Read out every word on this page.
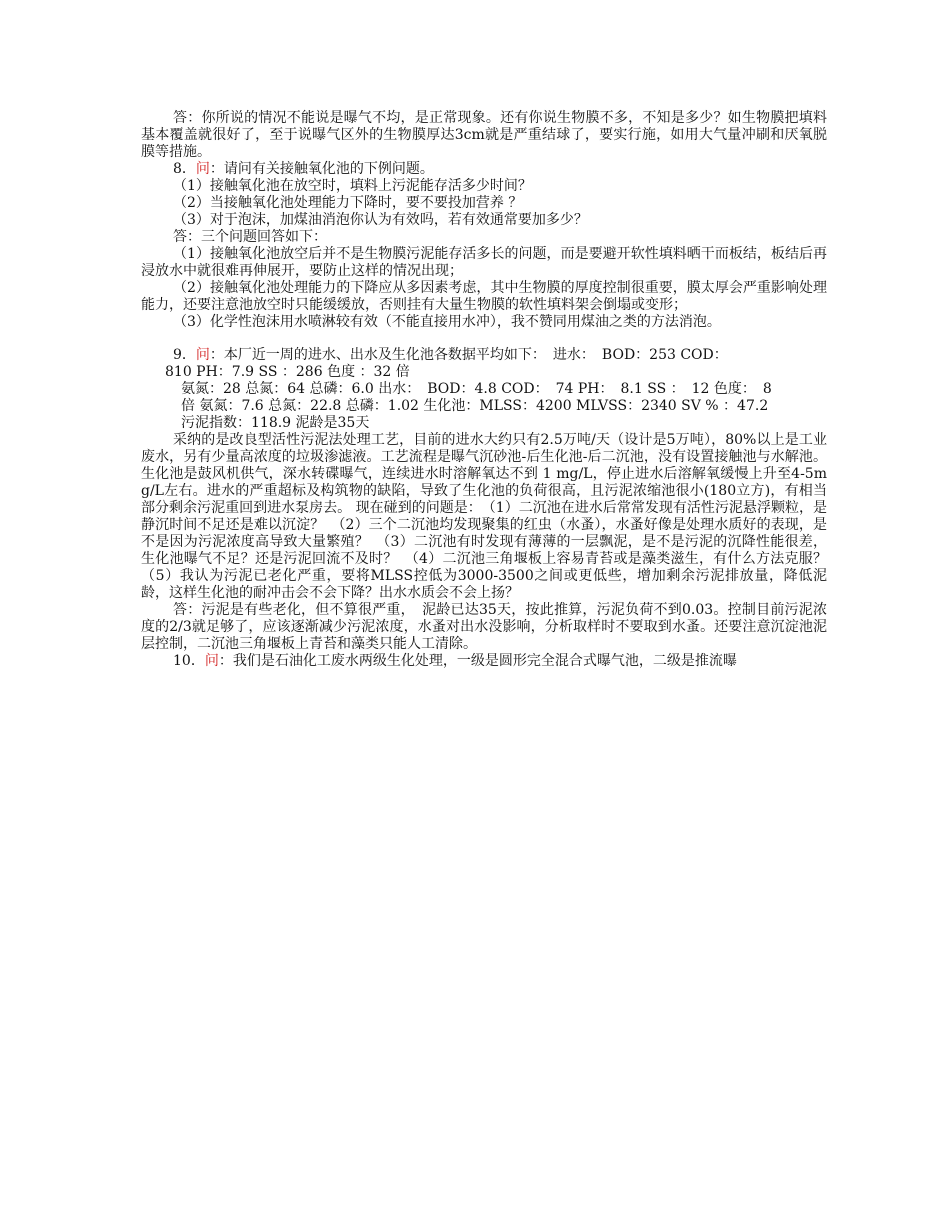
答：你所说的情况不能说是曝气不均，是正常现象。还有你说生物膜不多，不知是多少？如生物膜把填料基本覆盖就很好了，至于说曝气区外的生物膜厚达3cm就是严重结球了，要实行施，如用大气量冲刷和厌氧脱膜等措施。

8．问：请问有关接触氧化池的下例问题。

（1）接触氧化池在放空时，填料上污泥能存活多少时间？

（2）当接触氧化池处理能力下降时，要不要投加营养 ？

（3）对于泡沫，加煤油消泡你认为有效吗，若有效通常要加多少？

答：三个问题回答如下：

（1）接触氧化池放空后并不是生物膜污泥能存活多长的问题，而是要避开软性填料晒干而板结，板结后再浸放水中就很难再伸展开，要防止这样的情况出现；

（2）接触氧化池处理能力的下降应从多因素考虑，其中生物膜的厚度控制很重要，膜太厚会严重影响处理能力，还要注意池放空时只能缓缓放，否则挂有大量生物膜的软性填料架会倒塌或变形；

（3）化学性泡沫用水喷淋较有效（不能直接用水冲），我不赞同用煤油之类的方法消泡。

9．问：本厂近一周的进水、出水及生化池各数据平均如下：　进水：　BOD：253 COD：

810 PH：7.9 SS ：286 色度 ：32 倍

氨氮：28 总氮：64 总磷：6.0 出水：　BOD：4.8 COD：　74 PH：　8.1 SS ：　12 色度：　8

倍 氨氮：7.6 总氮：22.8 总磷：1.02 生化池：MLSS：4200 MLVSS：2340 SV % ：47.2

污泥指数：118.9 泥龄是35天

采纳的是改良型活性污泥法处理工艺，目前的进水大约只有2.5万吨/天（设计是5万吨），80%以上是工业废水，另有少量高浓度的垃圾渗滤液。工艺流程是曝气沉砂池-后生化池-后二沉池，没有设置接触池与水解池。生化池是鼓风机供气，深水转碟曝气，连续进水时溶解氧达不到 1 mg/L，停止进水后溶解氧缓慢上升至4-5mg/L左右。进水的严重超标及构筑物的缺陷，导致了生化池的负荷很高，且污泥浓缩池很小(180立方)，有相当部分剩余污泥重回到进水泵房去。 现在碰到的问题是：　（1）二沉池在进水后常常发现有活性污泥悬浮颗粒，是静沉时间不足还是难以沉淀？　（2）三个二沉池均发现聚集的红虫（水蚤），水蚤好像是处理水质好的表现，是不是因为污泥浓度高导致大量繁殖？　（3）二沉池有时发现有薄薄的一层飘泥，是不是污泥的沉降性能很差，生化池曝气不足？还是污泥回流不及时？　（4）二沉池三角堰板上容易青苔或是藻类滋生，有什么方法克服？　（5）我认为污泥已老化严重，要将MLSS控低为3000-3500之间或更低些，增加剩余污泥排放量，降低泥龄，这样生化池的耐冲击会不会下降？出水水质会不会上扬？

答：污泥是有些老化，但不算很严重，　泥龄已达35天，按此推算，污泥负荷不到0.03。控制目前污泥浓度的2/3就足够了，应该逐渐减少污泥浓度，水蚤对出水没影响，分析取样时不要取到水蚤。还要注意沉淀池泥层控制，二沉池三角堰板上青苔和藻类只能人工清除。

10．问：我们是石油化工废水两级生化处理，一级是圆形完全混合式曝气池，二级是推流曝
